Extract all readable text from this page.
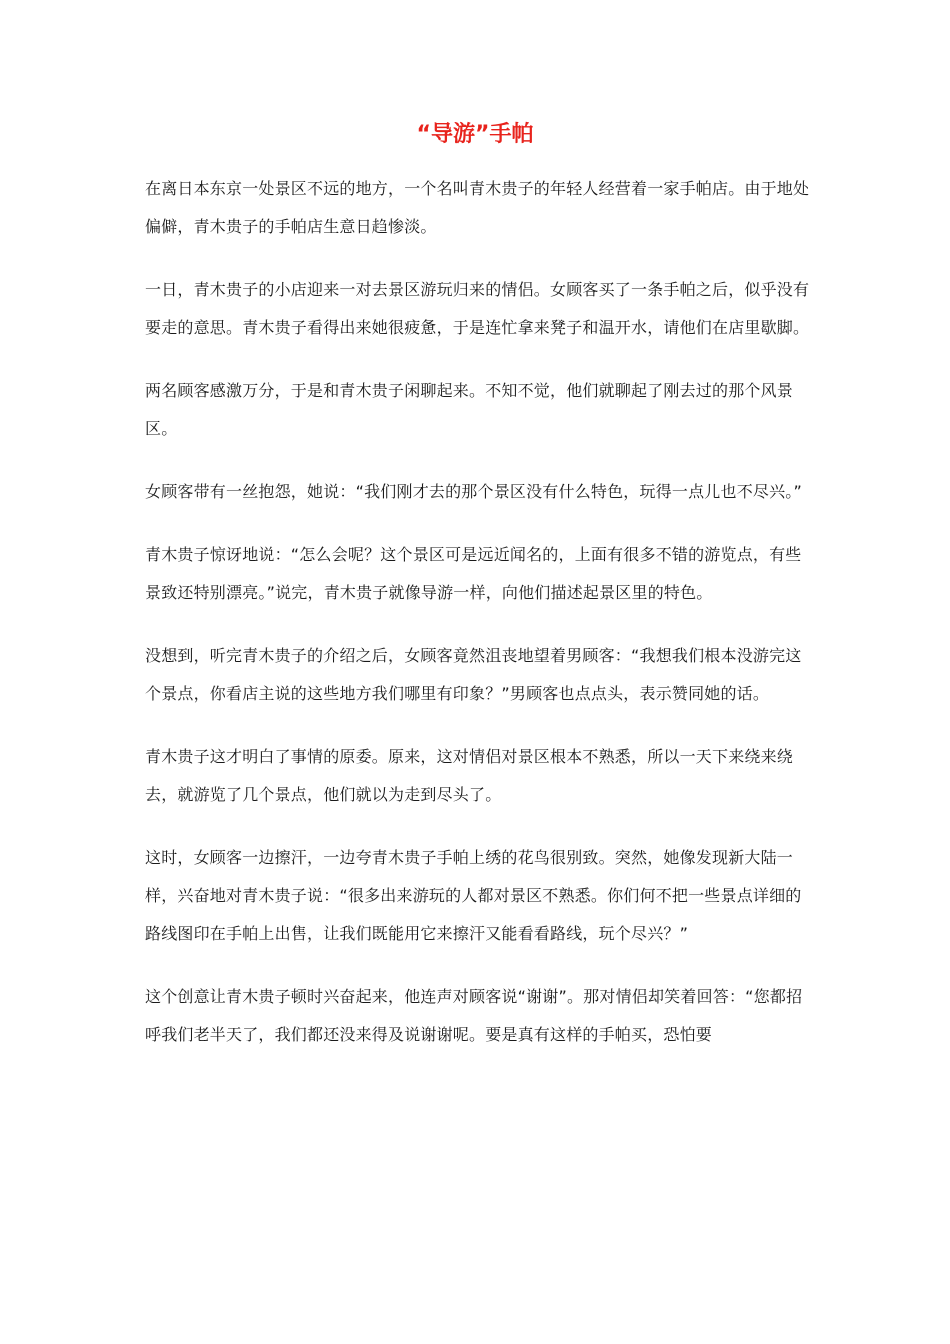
“导游”手帕

在离日本东京一处景区不远的地方，一个名叫青木贵子的年轻人经营着一家手帕店。由于地处偏僻，青木贵子的手帕店生意日趋惨淡。

一日，青木贵子的小店迎来一对去景区游玩归来的情侣。女顾客买了一条手帕之后，似乎没有要走的意思。青木贵子看得出来她很疲惫，于是连忙拿来凳子和温开水，请他们在店里歇脚。

两名顾客感激万分，于是和青木贵子闲聊起来。不知不觉，他们就聊起了刚去过的那个风景区。

女顾客带有一丝抱怨，她说：“我们刚才去的那个景区没有什么特色，玩得一点儿也不尽兴。”

青木贵子惊讶地说：“怎么会呢？这个景区可是远近闻名的，上面有很多不错的游览点，有些景致还特别漂亮。”说完，青木贵子就像导游一样，向他们描述起景区里的特色。

没想到，听完青木贵子的介绍之后，女顾客竟然沮丧地望着男顾客：“我想我们根本没游完这个景点，你看店主说的这些地方我们哪里有印象？”男顾客也点点头，表示赞同她的话。

青木贵子这才明白了事情的原委。原来，这对情侣对景区根本不熟悉，所以一天下来绕来绕去，就游览了几个景点，他们就以为走到尽头了。

这时，女顾客一边擦汗，一边夸青木贵子手帕上绣的花鸟很别致。突然，她像发现新大陆一样，兴奋地对青木贵子说：“很多出来游玩的人都对景区不熟悉。你们何不把一些景点详细的路线图印在手帕上出售，让我们既能用它来擦汗又能看看路线，玩个尽兴？”

这个创意让青木贵子顿时兴奋起来，他连声对顾客说“谢谢”。那对情侣却笑着回答：“您都招呼我们老半天了，我们都还没来得及说谢谢呢。要是真有这样的手帕买，恐怕要
